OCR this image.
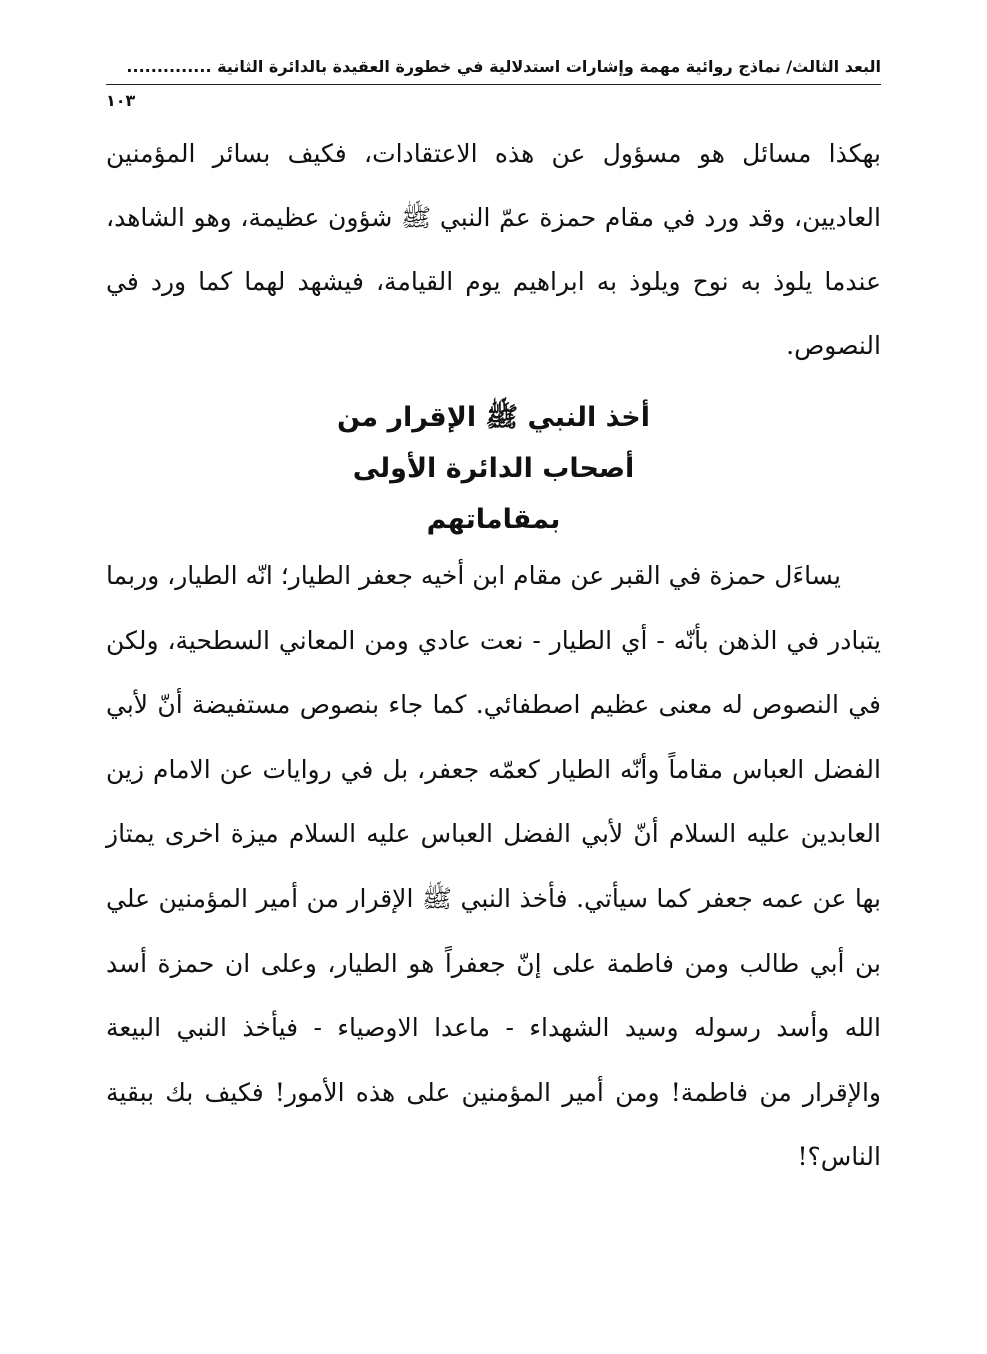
البعد الثالث/ نماذج روائية مهمة وإشارات استدلالية في خطورة العقيدة بالدائرة الثانية ..............
١٠٣

بهكذا مسائل هو مسؤول عن هذه الاعتقادات، فكيف بسائر المؤمنين العاديين، وقد ورد في مقام حمزة عمّ النبي ﷺ شؤون عظيمة، وهو الشاهد، عندما يلوذ به نوح ويلوذ به ابراهيم يوم القيامة، فيشهد لهما كما ورد في النصوص.

أخذ النبي ﷺ الإقرار من
أصحاب الدائرة الأولى
بمقاماتهم

يساءَل حمزة في القبر عن مقام ابن أخيه جعفر الطيار؛ انّه الطيار، وربما يتبادر في الذهن بأنّه - أي الطيار - نعت عادي ومن المعاني السطحية، ولكن في النصوص له معنى عظيم اصطفائي. كما جاء بنصوص مستفيضة أنّ لأبي الفضل العباس مقاماً وأنّه الطيار كعمّه جعفر، بل في روايات عن الامام زين العابدين عليه السلام أنّ لأبي الفضل العباس عليه السلام ميزة اخرى يمتاز بها عن عمه جعفر كما سيأتي. فأخذ النبي ﷺ الإقرار من أمير المؤمنين علي بن أبي طالب ومن فاطمة على إنّ جعفراً هو الطيار، وعلى ان حمزة أسد الله وأسد رسوله وسيد الشهداء - ماعدا الاوصياء - فيأخذ النبي البيعة والإقرار من فاطمة! ومن أمير المؤمنين على هذه الأمور! فكيف بك ببقية الناس؟!
